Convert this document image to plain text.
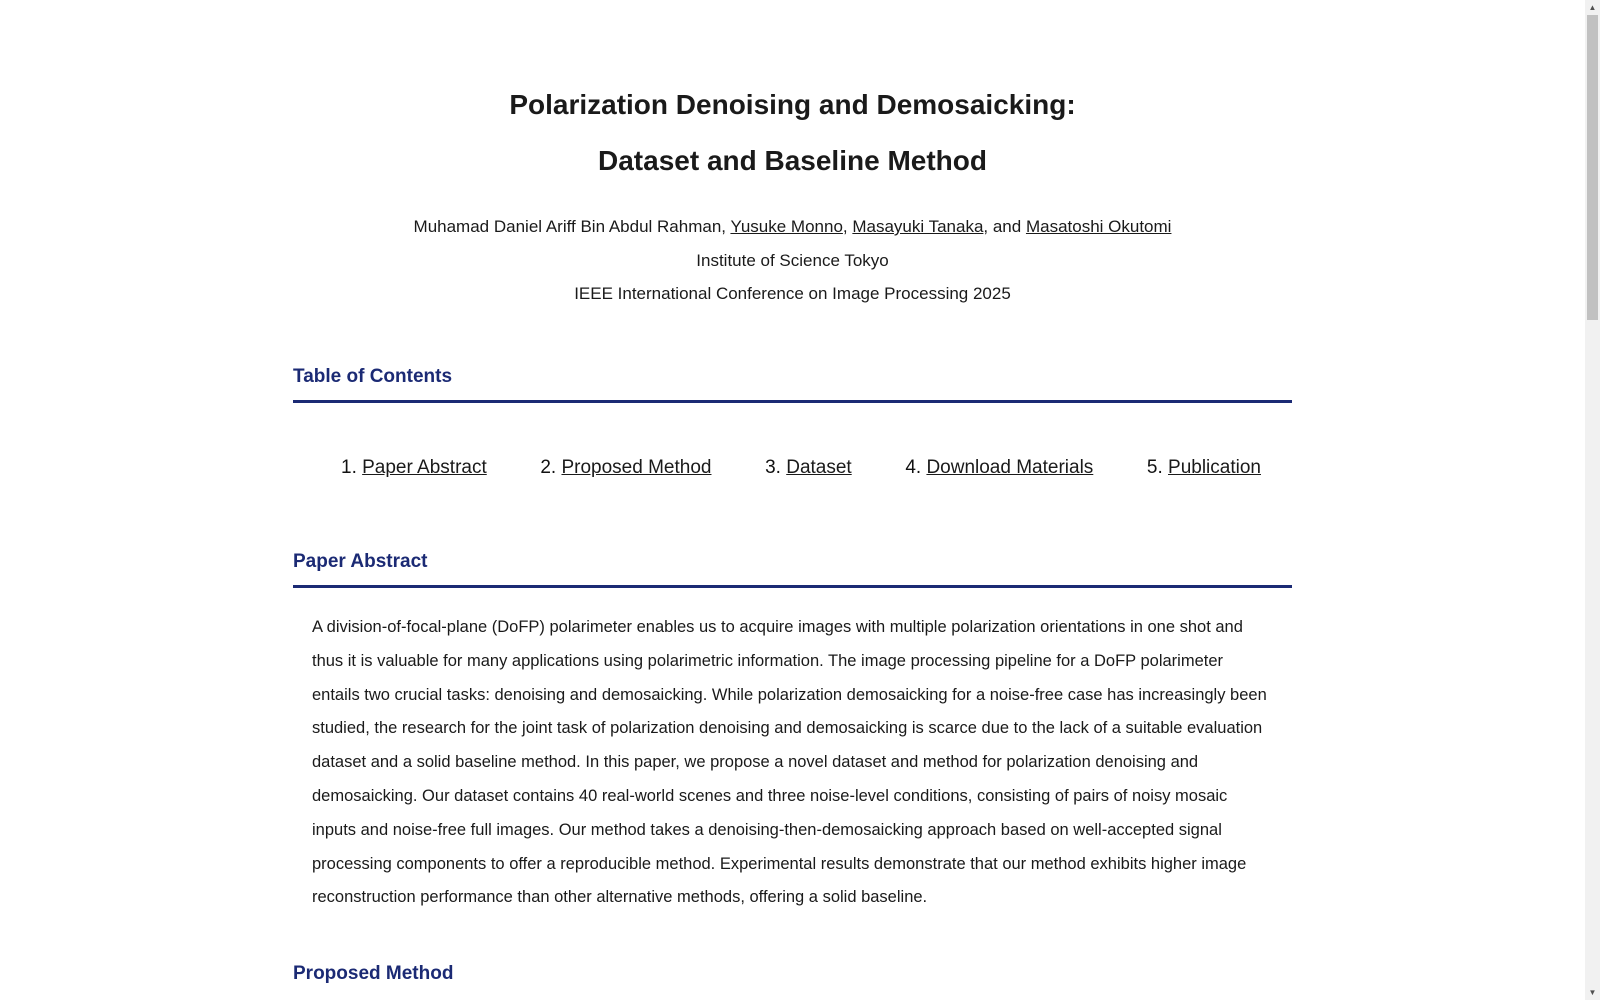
Polarization Denoising and Demosaicking:
Dataset and Baseline Method
Muhamad Daniel Ariff Bin Abdul Rahman, Yusuke Monno, Masayuki Tanaka, and Masatoshi Okutomi
Institute of Science Tokyo
IEEE International Conference on Image Processing 2025
Table of Contents
1. Paper Abstract	2. Proposed Method	3. Dataset	4. Download Materials	5. Publication
Paper Abstract

A division-of-focal-plane (DoFP) polarimeter enables us to acquire images with multiple polarization orientations in one shot and thus it is valuable for many applications using polarimetric information. The image processing pipeline for a DoFP polarimeter entails two crucial tasks: denoising and demosaicking. While polarization demosaicking for a noise-free case has increasingly been studied, the research for the joint task of polarization denoising and demosaicking is scarce due to the lack of a suitable evaluation dataset and a solid baseline method. In this paper, we propose a novel dataset and method for polarization denoising and demosaicking. Our dataset contains 40 real-world scenes and three noise-level conditions, consisting of pairs of noisy mosaic inputs and noise-free full images. Our method takes a denoising-then-demosaicking approach based on well-accepted signal processing components to offer a reproducible method. Experimental results demonstrate that our method exhibits higher image reconstruction performance than other alternative methods, offering a solid baseline.

Proposed Method
▲
▼
